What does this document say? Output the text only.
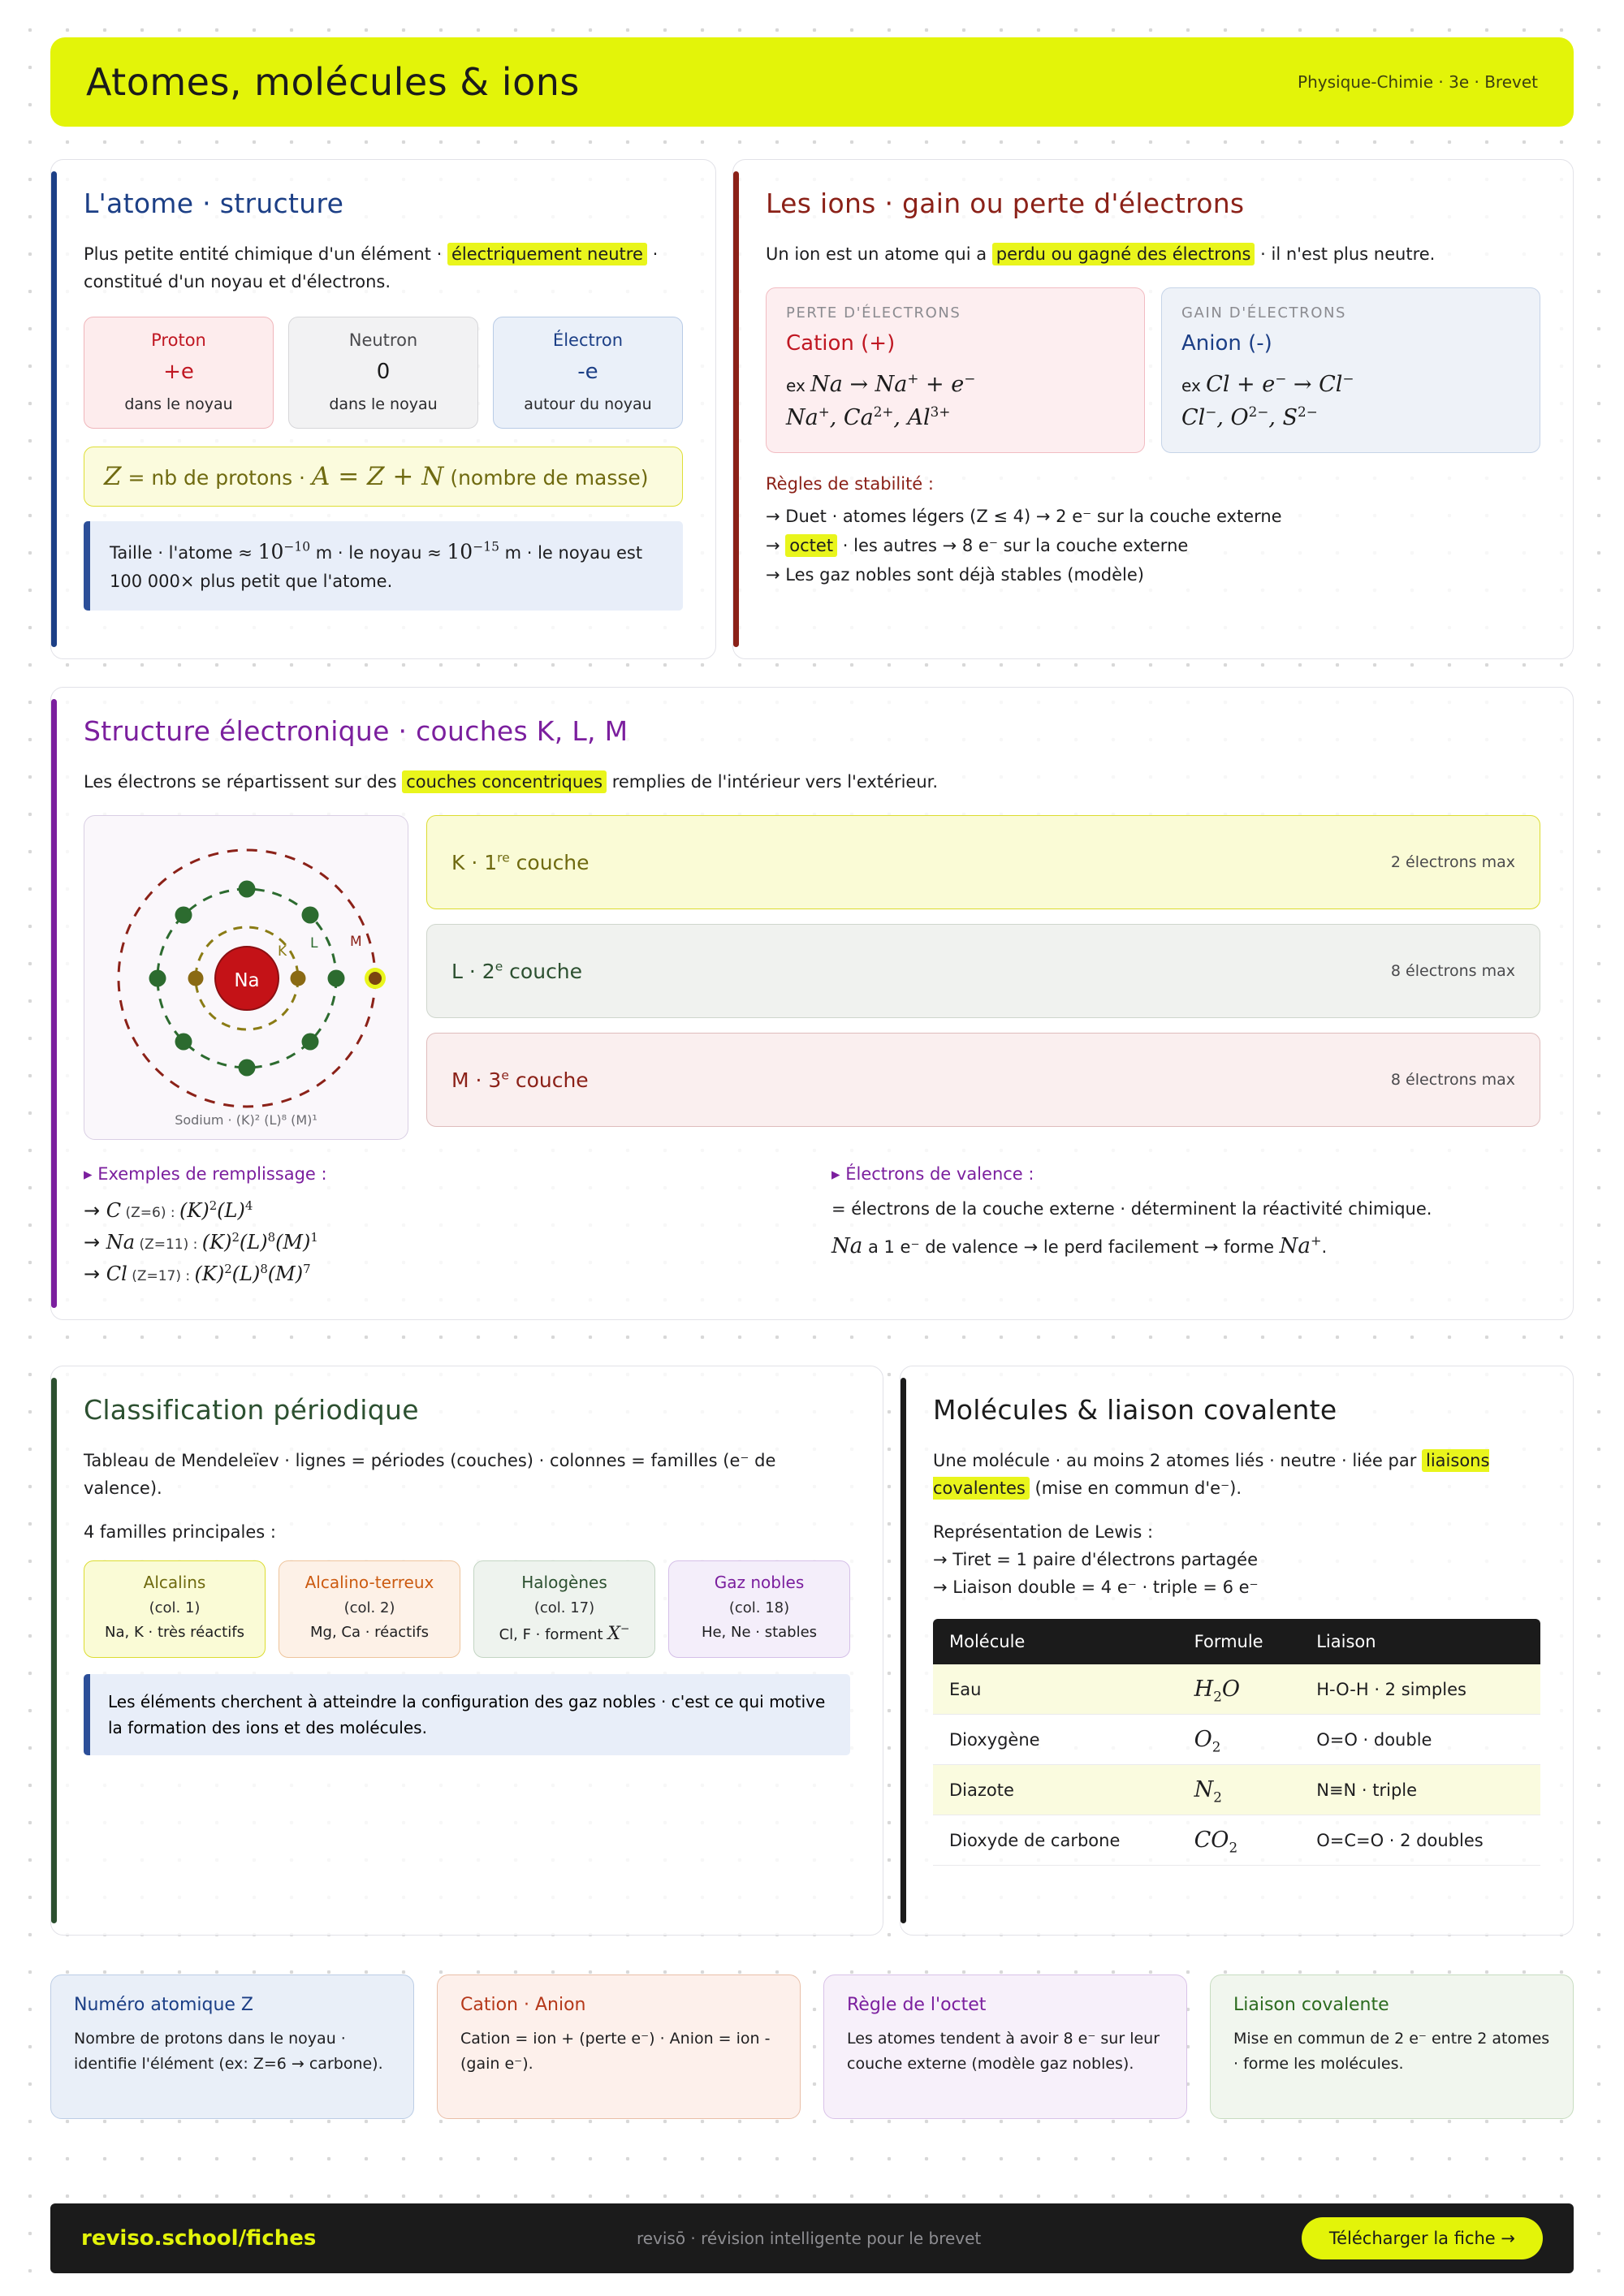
Atomes, molécules & ions	Physique-Chimie · 3e · Brevet
L'atome · structure
Plus petite entité chimique d'un élément · électriquement neutre · constitué d'un noyau et d'électrons.
Proton
+e
dans le noyau
Neutron
0
dans le noyau
Électron
-e
autour du noyau
Z = nb de protons · A = Z + N (nombre de masse)
Taille · l'atome ≈ $10^{-10}$ m · le noyau ≈ $10^{-15}$ m · le noyau est 100 000× plus petit que l'atome.
Les ions · gain ou perte d'électrons
Un ion est un atome qui a perdu ou gagné des électrons · il n'est plus neutre.
PERTE D'ÉLECTRONS
Cation (+)
ex Na → Na+ + e−
Na+, $Ca^{2+}$, $Al^{3+}$
GAIN D'ÉLECTRONS
Anion (-)
ex Cl + e− → Cl−
Cl−, $O^{2-}$, $S^{2-}$
Règles de stabilité :
→ Duet · atomes légers (Z ≤ 4) → 2 e⁻ sur la couche externe
→ octet · les autres → 8 e⁻ sur la couche externe
→ Les gaz nobles sont déjà stables (modèle)
Structure électronique · couches K, L, M
Les électrons se répartissent sur des couches concentriques remplies de l'intérieur vers l'extérieur.
Na
K L M
Sodium · (K)² (L)⁸ (M)¹
K · 1re couche	2 électrons max
$L \cdot 2^e$ couche	8 électrons max
$M \cdot 3^e$ couche	8 électrons max
▸ Exemples de remplissage :
→ C (Z=6) : $(K)^2(L)^4$
→ Na (Z=11) : $(K)^2(L)^8(M)^1$
→ Cl (Z=17) : $(K)^2(L)^8(M)^7$
▸ Électrons de valence :
= électrons de la couche externe · déterminent la réactivité chimique.
Na a 1 e⁻ de valence → le perd facilement → forme Na+.
Classification périodique
Tableau de Mendeleïev · lignes = périodes (couches) · colonnes = familles (e⁻ de valence).
4 familles principales :
Alcalins
(col. 1)
Na, K · très réactifs
Alcalino-terreux
(col. 2)
Mg, Ca · réactifs
Halogènes
(col. 17)
Cl, F · forment X−
Gaz nobles
(col. 18)
He, Ne · stables
Les éléments cherchent à atteindre la configuration des gaz nobles · c'est ce qui motive la formation des ions et des molécules.
Molécules & liaison covalente
Une molécule · au moins 2 atomes liés · neutre · liée par liaisons covalentes (mise en commun d'e⁻).
Représentation de Lewis :
→ Tiret = 1 paire d'électrons partagée
→ Liaison double = 4 e⁻ · triple = 6 e⁻
Molécule	Formule	Liaison
Eau	$H_2O$	H-O-H · 2 simples
Dioxygène	$O_2$	O=O · double
Diazote	$N_2$	N≡N · triple
Dioxyde de carbone	$CO_2$	O=C=O · 2 doubles
Numéro atomique Z
Nombre de protons dans le noyau · identifie l'élément (ex: Z=6 → carbone).
Cation · Anion
Cation = ion + (perte e⁻) · Anion = ion - (gain e⁻).
Règle de l'octet
Les atomes tendent à avoir 8 e⁻ sur leur couche externe (modèle gaz nobles).
Liaison covalente
Mise en commun de 2 e⁻ entre 2 atomes · forme les molécules.
reviso.school/fiches	revisō · révision intelligente pour le brevet	Télécharger la fiche →
